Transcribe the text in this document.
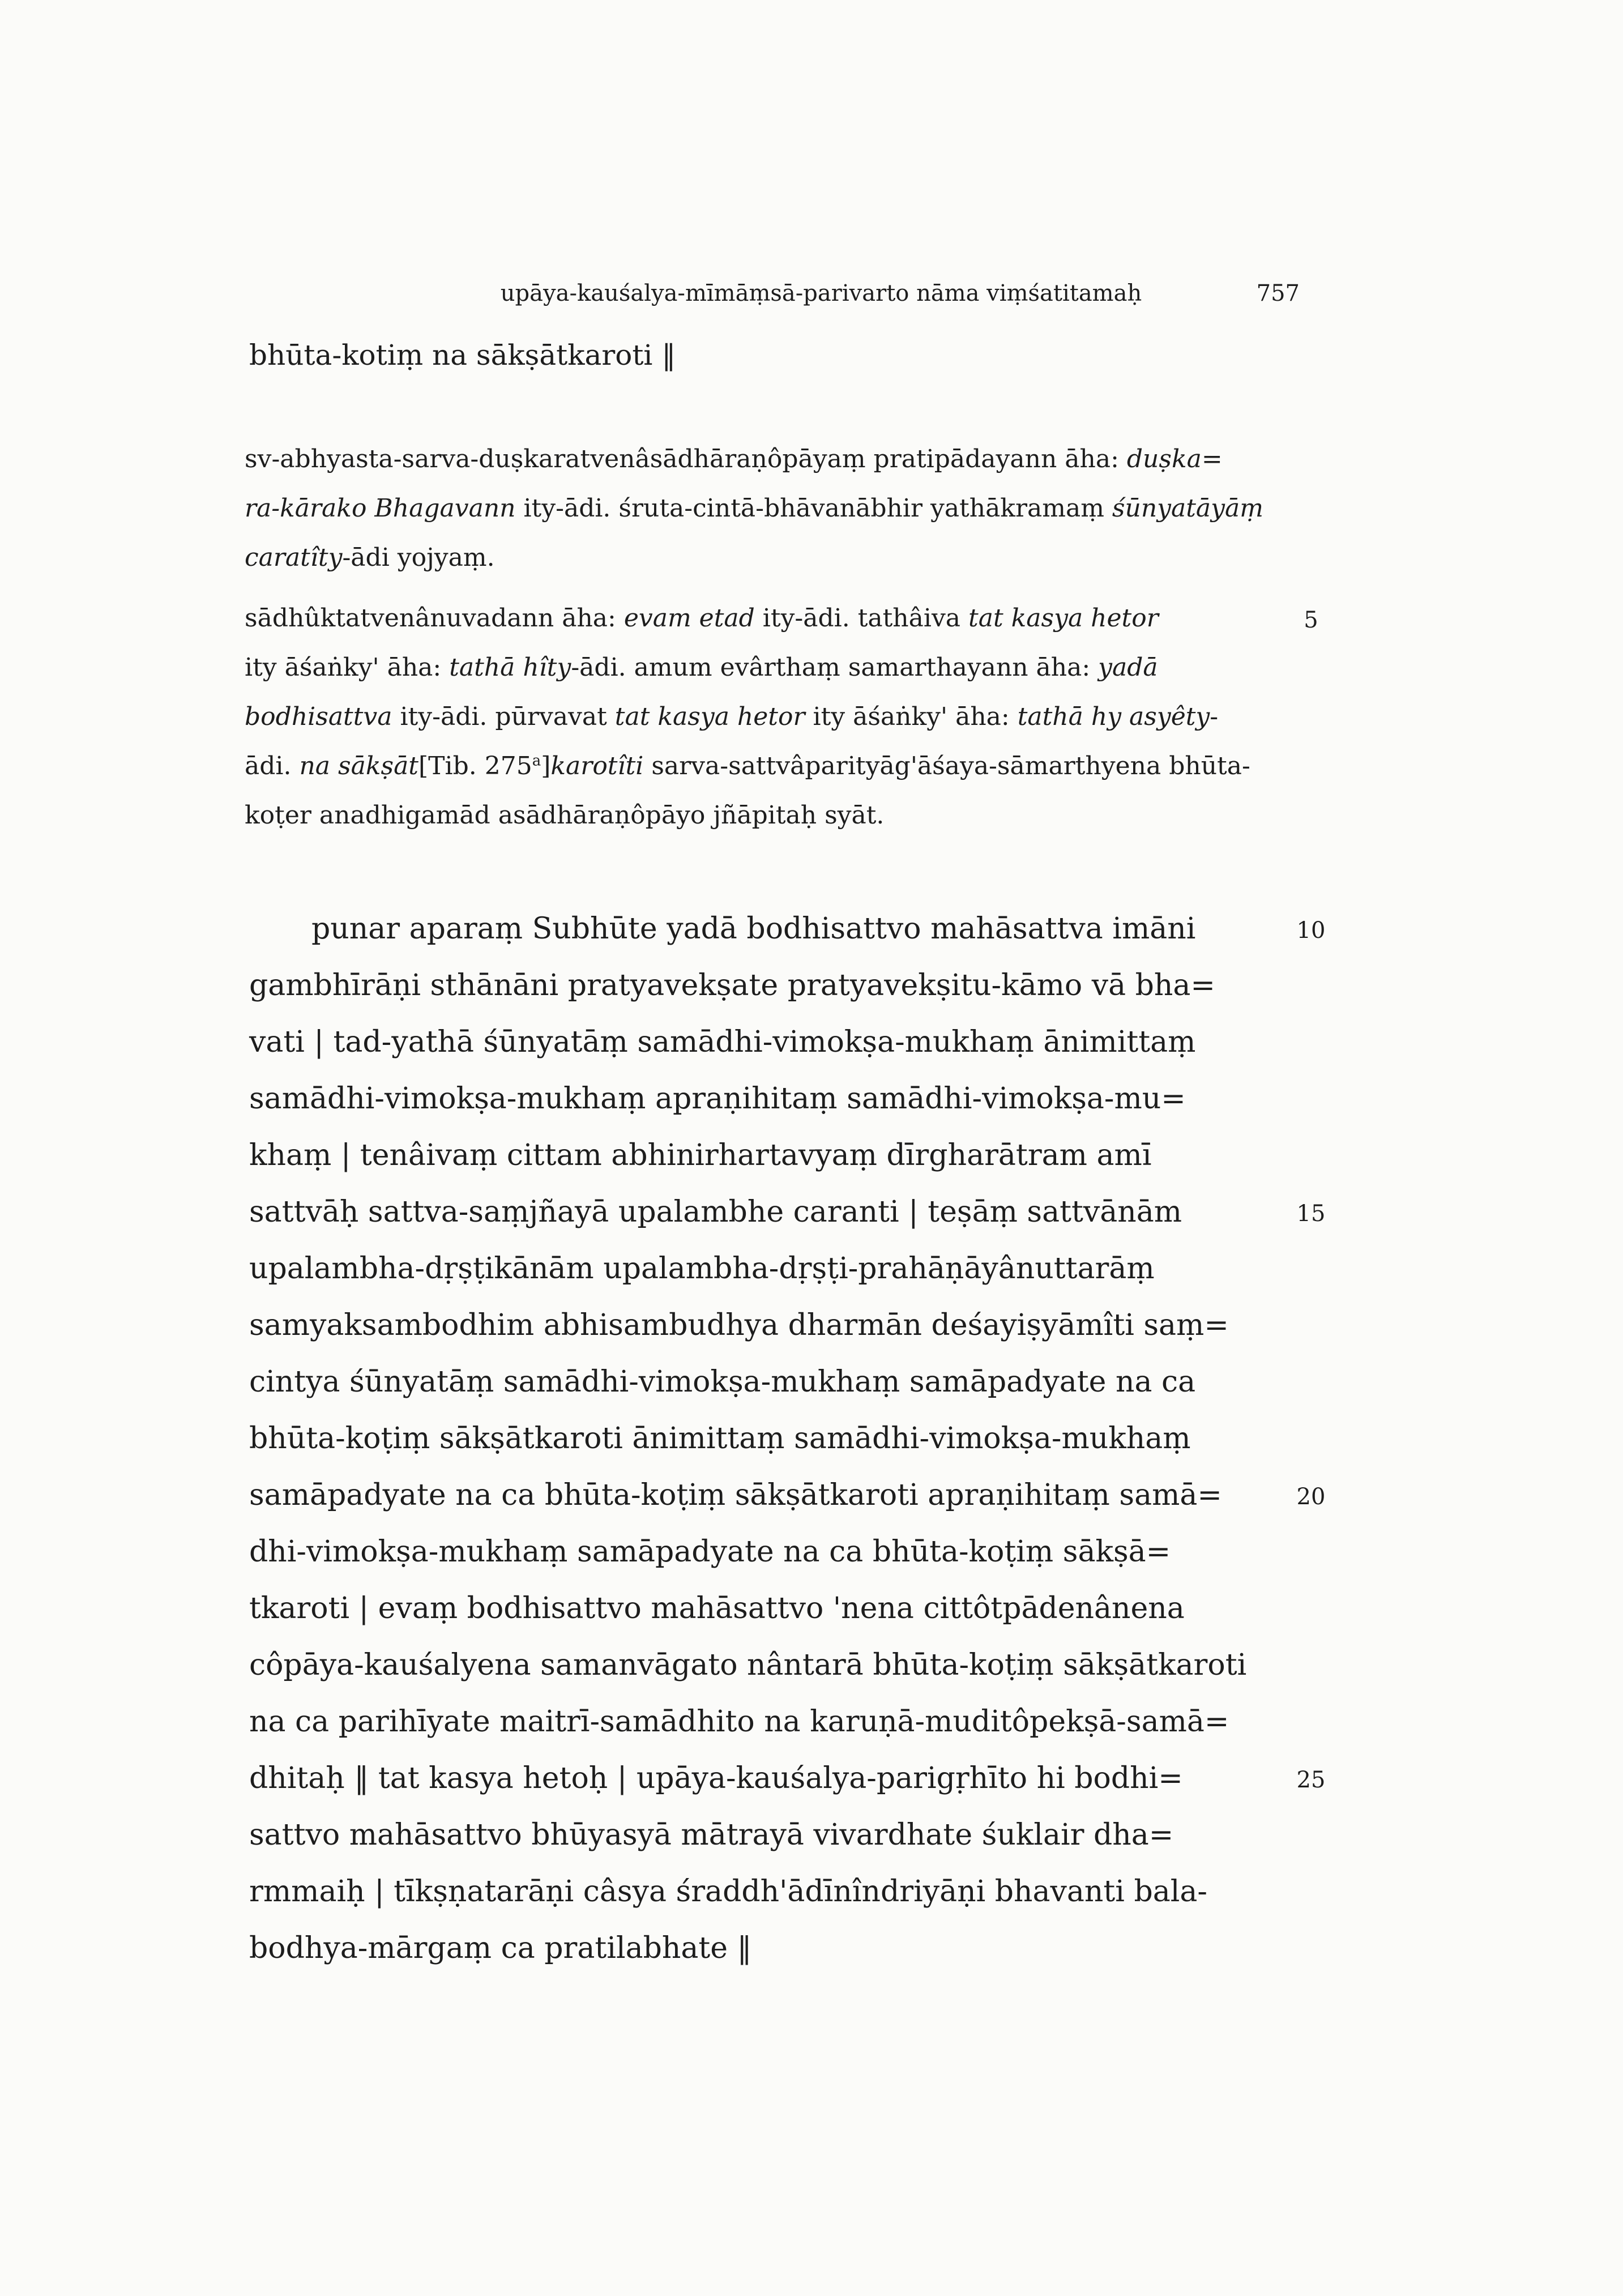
upāya-kauśalya-mīmāṃsā-parivarto nāma viṃśatitamaḥ	757
bhūta-kotiṃ na sākṣātkaroti ‖
sv-abhyasta-sarva-duṣkaratvenâsādhāraṇôpāyaṃ pratipādayann āha: duṣka=
ra-kārako Bhagavann ity-ādi. śruta-cintā-bhāvanābhir yathākramaṃ śūnyatāyāṃ
caratîty-ādi yojyaṃ.
sādhûktatvenânuvadann āha: evam etad ity-ādi. tathâiva tat kasya hetor
ity āśaṅky' āha: tathā hîty-ādi. amum evârthaṃ samarthayann āha: yadā
bodhisattva ity-ādi. pūrvavat tat kasya hetor ity āśaṅky' āha: tathā hy asyêty-
ādi. na sākṣāt[Tib. 275$^a$]karotîti sarva-sattvâparityāg'āśaya-sāmarthyena bhūta-
koṭer anadhigamād asādhāraṇôpāyo jñāpitaḥ syāt.
5
punar aparaṃ Subhūte yadā bodhisattvo mahāsattva imāni
gambhīrāṇi sthānāni pratyavekṣate pratyavekṣitu-kāmo vā bha=
vati | tad-yathā śūnyatāṃ samādhi-vimokṣa-mukhaṃ ānimittaṃ
samādhi-vimokṣa-mukhaṃ apraṇihitaṃ samādhi-vimokṣa-mu=
khaṃ | tenâivaṃ cittam abhinirhartavyaṃ dīrgharātram amī
sattvāḥ sattva-saṃjñayā upalambhe caranti | teṣāṃ sattvānām
upalambha-dṛṣṭikānām upalambha-dṛṣṭi-prahāṇāyânuttarāṃ
samyaksambodhim abhisambudhya dharmān deśayiṣyāmîti saṃ=
cintya śūnyatāṃ samādhi-vimokṣa-mukhaṃ samāpadyate na ca
bhūta-koṭiṃ sākṣātkaroti ānimittaṃ samādhi-vimokṣa-mukhaṃ
samāpadyate na ca bhūta-koṭiṃ sākṣātkaroti apraṇihitaṃ samā=
dhi-vimokṣa-mukhaṃ samāpadyate na ca bhūta-koṭiṃ sākṣā=
tkaroti | evaṃ bodhisattvo mahāsattvo 'nena cittôtpādenânena
côpāya-kauśalyena samanvāgato nântarā bhūta-koṭiṃ sākṣātkaroti
na ca parihīyate maitrī-samādhito na karuṇā-muditôpekṣā-samā=
dhitaḥ ‖ tat kasya hetoḥ | upāya-kauśalya-parigṛhīto hi bodhi=
sattvo mahāsattvo bhūyasyā mātrayā vivardhate śuklair dha=
rmmaiḥ | tīkṣṇatarāṇi câsya śraddh'ādīnîndriyāṇi bhavanti bala-
bodhya-mārgaṃ ca pratilabhate ‖
10
15
20
25
